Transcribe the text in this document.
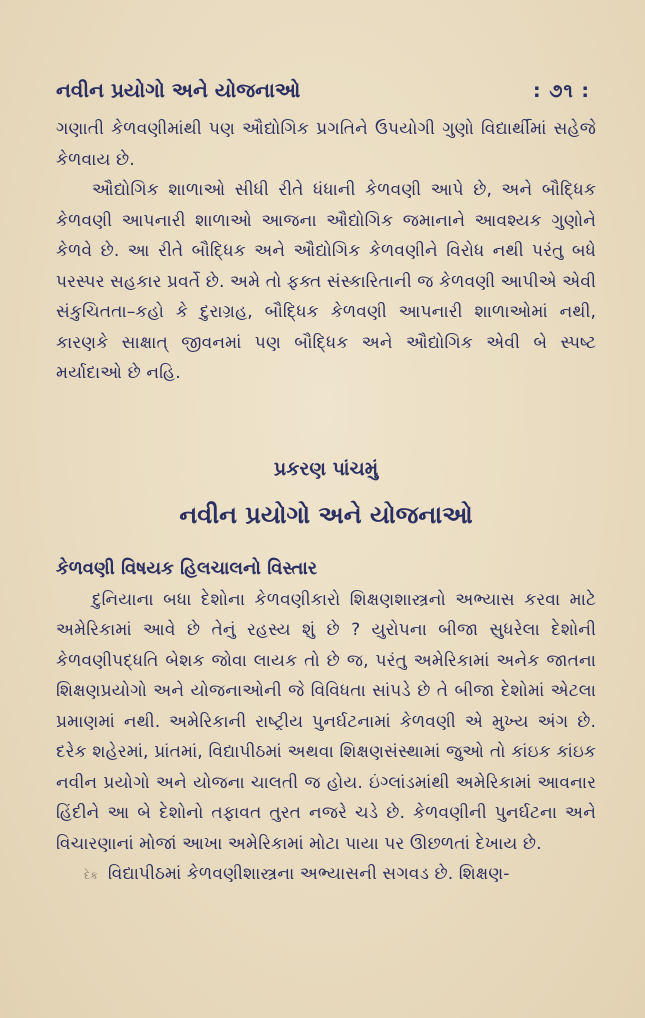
નવીન પ્રયોગો અને યોજનાઓ	: ૭૧ :

ગણાતી કેળવણીમાંથી પણ ઔદ્યોગિક પ્રગતિને ઉપયોગી ગુણો વિદ્યાર્થીમાં સહેજે કેળવાય છે.

ઔદ્યોગિક શાળાઓ સીધી રીતે ધંધાની કેળવણી આપે છે, અને બૌદ્ધિક કેળવણી આપનારી શાળાઓ આજના ઔદ્યોગિક જમાનાને આવશ્યક ગુણોને કેળવે છે. આ રીતે બૌદ્ધિક અને ઔદ્યોગિક કેળવણીને વિરોધ નથી પરંતુ બધે પરસ્પર સહકાર પ્રવર્તે છે. અમે તો ફક્ત સંસ્કારિતાની જ કેળવણી આપીએ એવી સંકુચિતતા–કહો કે દુરાગ્રહ, બૌદ્ધિક કેળવણી આપનારી શાળાઓમાં નથી, કારણકે સાક્ષાત્ જીવનમાં પણ બૌદ્ધિક અને ઔદ્યોગિક એવી બે સ્પષ્ટ મર્યાદાઓ છે નહિ.

પ્રકરણ પાંચમું
નવીન પ્રયોગો અને યોજનાઓ
કેળવણી વિષયક હિલચાલનો વિસ્તાર

દુનિયાના બધા દેશોના કેળવણીકારો શિક્ષણશાસ્ત્રનો અભ્યાસ કરવા માટે અમેરિકામાં આવે છે તેનું રહસ્ય શું છે ? યુરોપના બીજા સુધરેલા દેશોની કેળવણીપદ્ધતિ બેશક જોવા લાયક તો છે જ, પરંતુ અમેરિકામાં અનેક જાતના શિક્ષણપ્રયોગો અને યોજનાઓની જે વિવિધતા સાંપડે છે તે બીજા દેશોમાં એટલા પ્રમાણમાં નથી. અમેરિકાની રાષ્ટ્રીય પુનર્ઘટનામાં કેળવણી એ મુખ્ય અંગ છે. દરેક શહેરમાં, પ્રાંતમાં, વિદ્યાપીઠમાં અથવા શિક્ષણસંસ્થામાં જુઓ તો કાંઇક કાંઇક નવીન પ્રયોગો અને યોજના ચાલતી જ હોય. ઇંગ્લાંડમાંથી અમેરિકામાં આવનાર હિંદીને આ બે દેશોનો તફાવત તુરત નજરે ચડે છે. કેળવણીની પુનર્ઘટના અને વિચારણાનાં મોજાં આખા અમેરિકામાં મોટા પાયા પર ઊછળતાં દેખાય છે.

દેક વિદ્યાપીઠમાં કેળવણીશાસ્ત્રના અભ્યાસની સગવડ છે. શિક્ષણ-
